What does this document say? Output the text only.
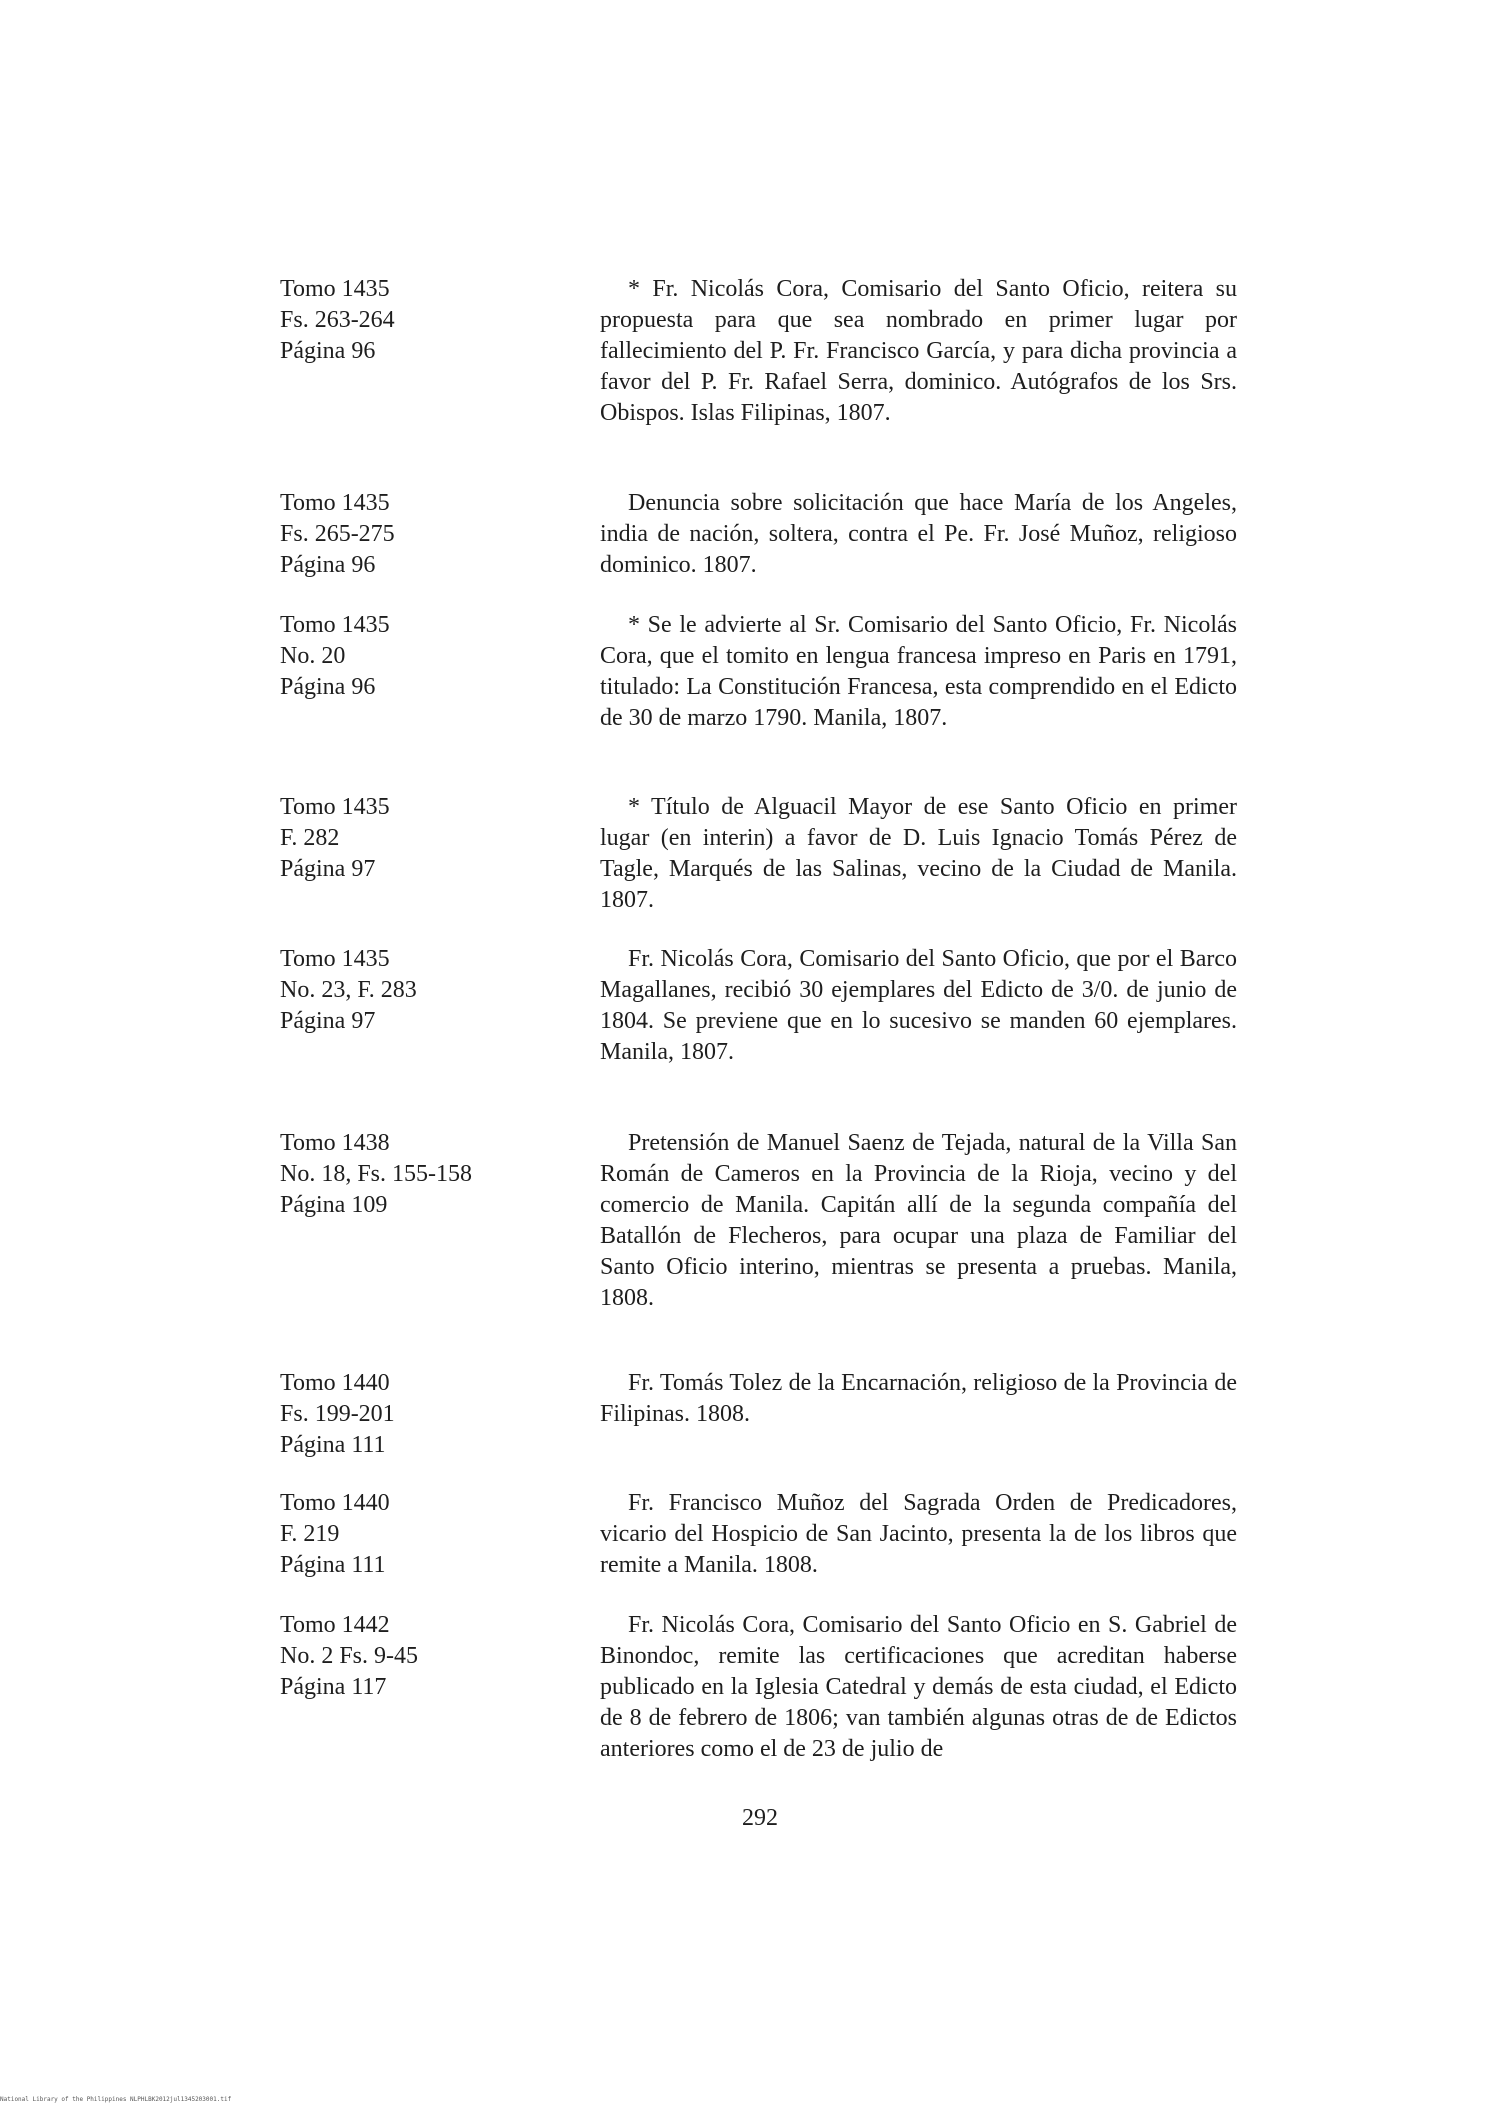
Tomo 1435
Fs. 263-264
Página 96
* Fr. Nicolás Cora, Comisario del Santo Oficio, reitera su propuesta para que sea nombrado en primer lugar por fallecimiento del P. Fr. Francisco García, y para dicha provincia a favor del P. Fr. Rafael Serra, dominico. Autógrafos de los Srs. Obispos. Islas Filipinas, 1807.
Tomo 1435
Fs. 265-275
Página 96
Denuncia sobre solicitación que hace María de los Angeles, india de nación, soltera, contra el Pe. Fr. José Muñoz, religioso dominico. 1807.
Tomo 1435
No. 20
Página 96
* Se le advierte al Sr. Comisario del Santo Oficio, Fr. Nicolás Cora, que el tomito en lengua francesa impreso en Paris en 1791, titulado: La Constitución Francesa, esta comprendido en el Edicto de 30 de marzo 1790. Manila, 1807.
Tomo 1435
F. 282
Página 97
* Título de Alguacil Mayor de ese Santo Oficio en primer lugar (en interin) a favor de D. Luis Ignacio Tomás Pérez de Tagle, Marqués de las Salinas, vecino de la Ciudad de Manila. 1807.
Tomo 1435
No. 23, F. 283
Página 97
Fr. Nicolás Cora, Comisario del Santo Oficio, que por el Barco Magallanes, recibió 30 ejemplares del Edicto de 3/0. de junio de 1804. Se previene que en lo sucesivo se manden 60 ejemplares. Manila, 1807.
Tomo 1438
No. 18, Fs. 155-158
Página 109
Pretensión de Manuel Saenz de Tejada, natural de la Villa San Román de Cameros en la Provincia de la Rioja, vecino y del comercio de Manila. Capitán allí de la segunda compañía del Batallón de Flecheros, para ocupar una plaza de Familiar del Santo Oficio interino, mientras se presenta a pruebas. Manila, 1808.
Tomo 1440
Fs. 199-201
Página 111
Fr. Tomás Tolez de la Encarnación, religioso de la Provincia de Filipinas. 1808.
Tomo 1440
F. 219
Página 111
Fr. Francisco Muñoz del Sagrada Orden de Predicadores, vicario del Hospicio de San Jacinto, presenta la de los libros que remite a Manila. 1808.
Tomo 1442
No. 2 Fs. 9-45
Página 117
Fr. Nicolás Cora, Comisario del Santo Oficio en S. Gabriel de Binondoc, remite las certificaciones que acreditan haberse publicado en la Iglesia Catedral y demás de esta ciudad, el Edicto de 8 de febrero de 1806; van también algunas otras de de Edictos anteriores como el de 23 de julio de
292
National Library of the Philippines NLPHLBK2012jul1345203001.tif
